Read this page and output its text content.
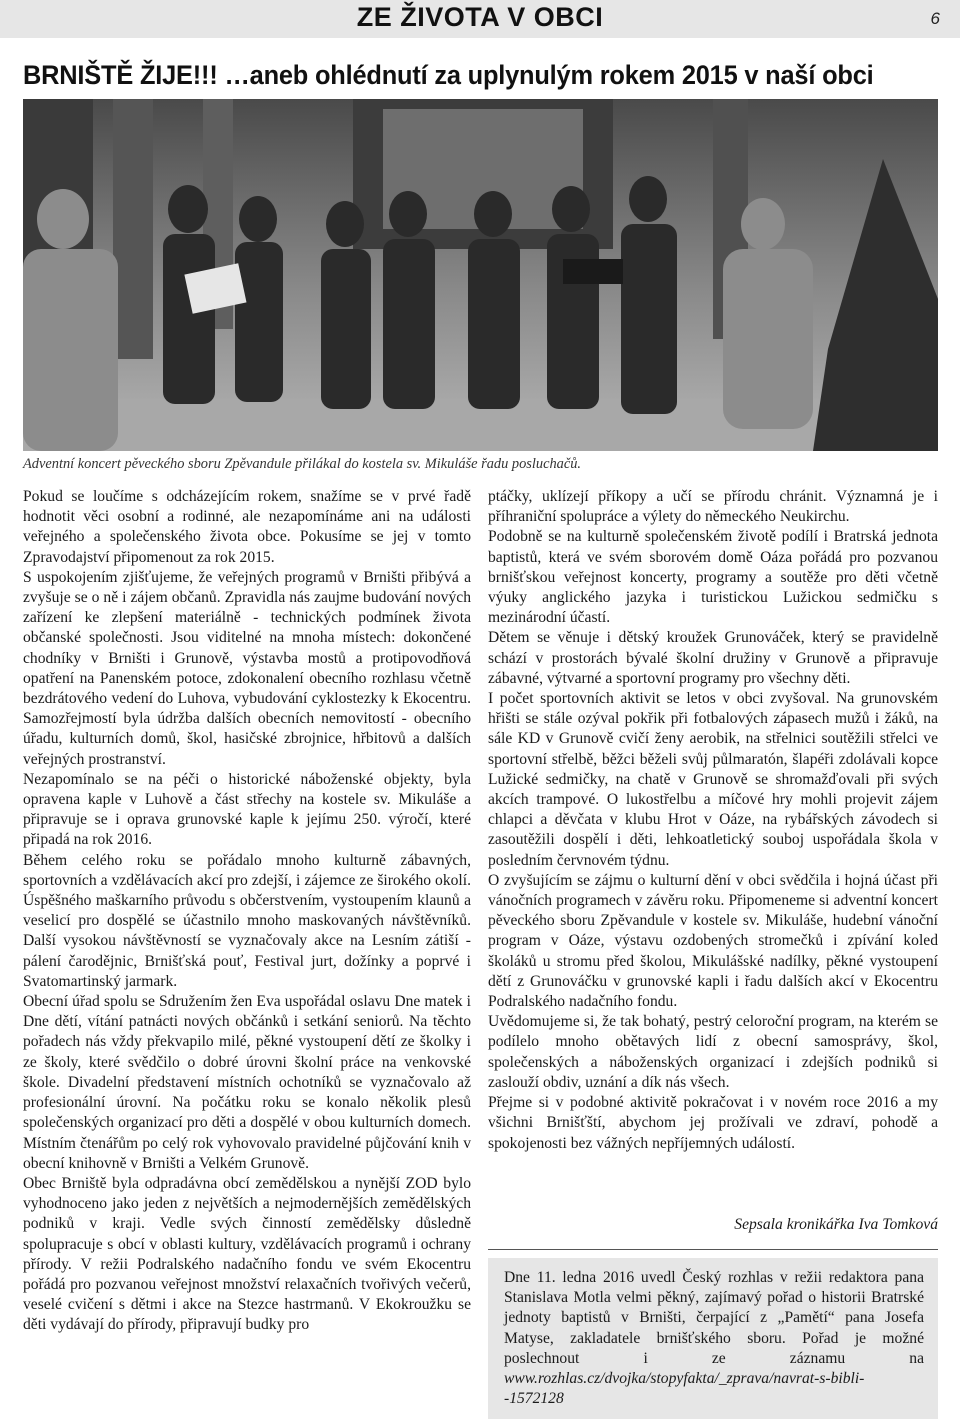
ZE ŽIVOTA V OBCI	6
BRNIŠTĚ ŽIJE!!! …aneb ohlédnutí za uplynulým rokem 2015 v naší obci
Adventní koncert pěveckého sboru Zpěvandule přilákal do kostela sv. Mikuláše řadu posluchačů.

Pokud se loučíme s odcházejícím rokem, snažíme se v prvé řadě hodnotit věci osobní a rodinné, ale nezapomínáme ani na události veřejného a společenského života obce. Pokusíme se jej v tomto Zpravodajství připomenout za rok 2015.

S uspokojením zjišťujeme, že veřejných programů v Brništi přibývá a zvyšuje se o ně i zájem občanů. Zpravidla nás zaujme budování nových zařízení ke zlepšení materiálně - technických podmínek života občanské společnosti. Jsou viditelné na mnoha místech: dokončené chodníky v Brništi i Grunově, výstavba mostů a protipovodňová opatření na Panenském potoce, zdokonalení obecního rozhlasu včetně bezdrátového vedení do Luhova, vybudování cyklostezky k Ekocentru. Samozřejmostí byla údržba dalších obecních nemovitostí - obecního úřadu, kulturních domů, škol, hasičské zbrojnice, hřbitovů a dalších veřejných prostranství.

Nezapomínalo se na péči o historické náboženské objekty, byla opravena kaple v Luhově a část střechy na kostele sv. Mikuláše a připravuje se i oprava grunovské kaple k jejímu 250. výročí, které připadá na rok 2016.

Během celého roku se pořádalo mnoho kulturně zábavných, sportovních a vzdělávacích akcí pro zdejší, i zájemce ze širokého okolí. Úspěšného maškarního průvodu s občerstvením, vystoupením klaunů a veselicí pro dospělé se účastnilo mnoho maskovaných návštěvníků. Další vysokou návštěvností se vyznačovaly akce na Lesním zátiší - pálení čarodějnic, Brnišťská pouť, Festival jurt, dožínky a poprvé i Svatomartinský jarmark.

Obecní úřad spolu se Sdružením žen Eva uspořádal oslavu Dne matek i Dne dětí, vítání patnácti nových občánků i setkání seniorů. Na těchto pořadech nás vždy překvapilo milé, pěkné vystoupení dětí ze školky i ze školy, které svědčilo o dobré úrovni školní práce na venkovské škole. Divadelní představení místních ochotníků se vyznačovalo až profesionální úrovní. Na počátku roku se konalo několik plesů společenských organizací pro děti a dospělé v obou kulturních domech. Místním čtenářům po celý rok vyhovovalo pravidelné půjčování knih v obecní knihovně v Brništi a Velkém Grunově.

Obec Brniště byla odpradávna obcí zemědělskou a nynější ZOD bylo vyhodnoceno jako jeden z největších a nejmodernějších zemědělských podniků v kraji. Vedle svých činností zemědělsky důsledně spolupracuje s obcí v oblasti kultury, vzdělávacích programů i ochrany přírody. V režii Podralského nadačního fondu ve svém Ekocentru pořádá pro pozvanou veřejnost množství relaxačních tvořivých večerů, veselé cvičení s dětmi i akce na Stezce hastrmanů. V Ekokroužku se děti vydávají do přírody, připravují budky pro

ptáčky, uklízejí příkopy a učí se přírodu chránit. Významná je i příhraniční spolupráce a výlety do německého Neukirchu.

Podobně se na kulturně společenském životě podílí i Bratrská jednota baptistů, která ve svém sborovém domě Oáza pořádá pro pozvanou brnišťskou veřejnost koncerty, programy a soutěže pro děti včetně výuky anglického jazyka i turistickou Lužickou sedmičku s mezinárodní účastí.

Dětem se věnuje i dětský kroužek Grunováček, který se pravidelně schází v prostorách bývalé školní družiny v Grunově a připravuje zábavné, výtvarné a sportovní programy pro všechny děti.

I počet sportovních aktivit se letos v obci zvyšoval. Na grunovském hřišti se stále ozýval pokřik při fotbalových zápasech mužů i žáků, na sále KD v Grunově cvičí ženy aerobik, na střelnici soutěžili střelci ve sportovní střelbě, běžci běželi svůj půlmaratón, šlapéři zdolávali kopce Lužické sedmičky, na chatě v Grunově se shromažďovali při svých akcích trampové. O lukostřelbu a míčové hry mohli projevit zájem chlapci a děvčata v klubu Hrot v Oáze, na rybářských závodech si zasoutěžili dospělí i děti, lehkoatletický souboj uspořádala škola v posledním červnovém týdnu.

O zvyšujícím se zájmu o kulturní dění v obci svědčila i hojná účast při vánočních programech v závěru roku. Připomeneme si adventní koncert pěveckého sboru Zpěvandule v kostele sv. Mikuláše, hudební vánoční program v Oáze, výstavu ozdobených stromečků i zpívání koled školáků u stromu před školou, Mikulášské nadílky, pěkné vystoupení dětí z Grunováčku v grunovské kapli i řadu dalších akcí v Ekocentru Podralského nadačního fondu.

Uvědomujeme si, že tak bohatý, pestrý celoroční program, na kterém se podílelo mnoho obětavých lidí z obecní samosprávy, škol, společenských a náboženských organizací i zdejších podniků si zaslouží obdiv, uznání a dík nás všech.

Přejme si v podobné aktivitě pokračovat i v novém roce 2016 a my všichni Brnišťští, abychom jej prožívali ve zdraví, pohodě a spokojenosti bez vážných nepříjemných událostí.

Sepsala kronikářka Iva Tomková
Dne 11. ledna 2016 uvedl Český rozhlas v režii redaktora pana Stanislava Motla velmi pěkný, zajímavý pořad o historii Bratrské jednoty baptistů v Brništi, čerpající z „Pamětí“ pana Josefa Matyse, zakladatele brnišťského sboru. Pořad je možné poslechnout i ze záznamu na www.rozhlas.cz/dvojka/stopyfakta/_zprava/navrat-s-bibli--1572128
